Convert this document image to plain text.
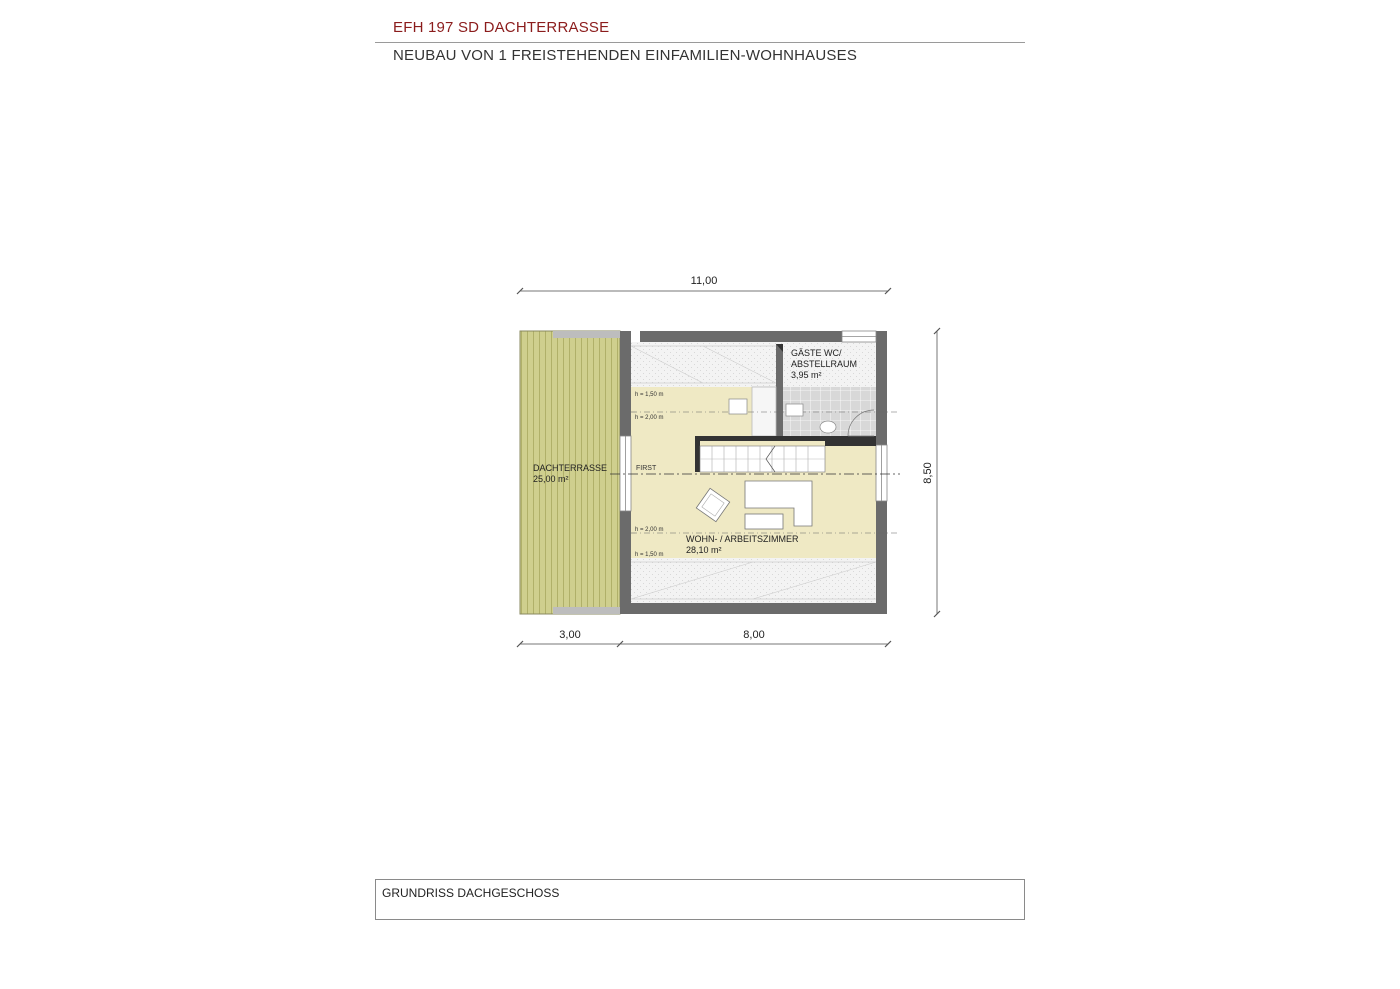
EFH 197 SD DACHTERRASSE
NEUBAU VON 1 FREISTEHENDEN EINFAMILIEN-WOHNHAUSES
11,00
8,50
3,00	8,00
DACHTERRASSE
25,00 m²
h = 1,50 m
h = 2,00 m
h = 2,00 m
h = 1,50 m
FIRST
GÄSTE WC/
ABSTELLRAUM
3,95 m²
WOHN- / ARBEITSZIMMER
28,10 m²
GRUNDRISS DACHGESCHOSS
